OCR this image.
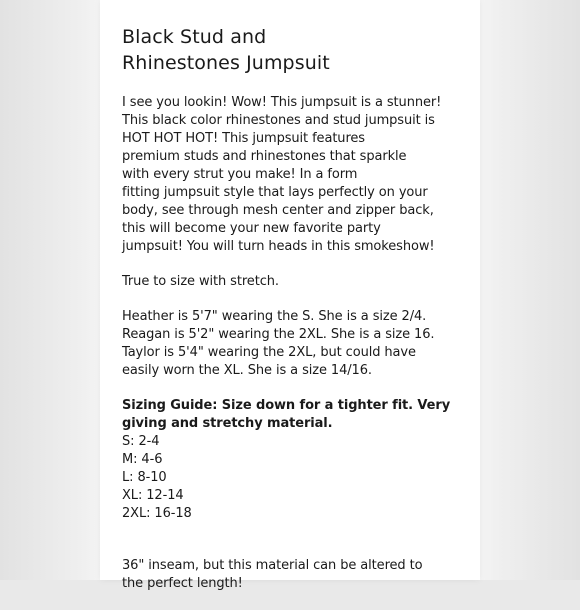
Black Stud and
Rhinestones Jumpsuit

I see you lookin! Wow! This jumpsuit is a stunner!
This black color rhinestones and stud jumpsuit is
HOT HOT HOT! This jumpsuit features
premium studs and rhinestones that sparkle
with every strut you make! In a form
fitting jumpsuit style that lays perfectly on your
body, see through mesh center and zipper back,
this will become your new favorite party
jumpsuit! You will turn heads in this smokeshow!

True to size with stretch.

Heather is 5'7" wearing the S. She is a size 2/4.
Reagan is 5'2" wearing the 2XL. She is a size 16.
Taylor is 5'4" wearing the 2XL, but could have
easily worn the XL. She is a size 14/16.

Sizing Guide: Size down for a tighter fit. Very
giving and stretchy material.
S: 2-4
M: 4-6
L: 8-10
XL: 12-14
2XL: 16-18

36" inseam, but this material can be altered to
the perfect length!
